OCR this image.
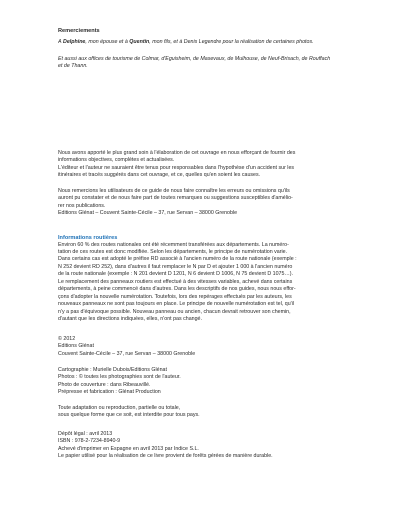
Remerciements

À Delphine, mon épouse et à Quentin, mon fils, et à Denis Legendre pour la réalisation de certaines photos.

Et aussi aux offices de tourisme de Colmar, d'Eguisheim, de Masevaux, de Mulhouse, de Neuf-Brisach, de Rouffach
et de Thann.

Nous avons apporté le plus grand soin à l'élaboration de cet ouvrage en nous efforçant de fournir des
informations objectives, complètes et actualisées.
L'éditeur et l'auteur ne sauraient être tenus pour responsables dans l'hypothèse d'un accident sur les
itinéraires et tracés suggérés dans cet ouvrage, et ce, quelles qu'en soient les causes.

Nous remercions les utilisateurs de ce guide de nous faire connaître les erreurs ou omissions qu'ils
auront pu constater et de nous faire part de toutes remarques ou suggestions susceptibles d'amélio-
rer nos publications.
Éditions Glénat – Couvent Sainte-Cécile – 37, rue Servan – 38000 Grenoble

Informations routières

Environ 60 % des routes nationales ont été récemment transférées aux départements. La numéro-
tation de ces routes est donc modifiée. Selon les départements, le principe de numérotation varie.
Dans certains cas est adopté le préfixe RD associé à l'ancien numéro de la route nationale (exemple :
N 252 devient RD 252), dans d'autres il faut remplacer le N par D et ajouter 1 000 à l'ancien numéro
de la route nationale (exemple : N 201 devient D 1201, N 6 devient D 1006, N 75 devient D 1075…).
Le remplacement des panneaux routiers est effectué à des vitesses variables, achevé dans certains
départements, à peine commencé dans d'autres. Dans les descriptifs de nos guides, nous nous effor-
çons d'adopter la nouvelle numérotation. Toutefois, lors des repérages effectués par les auteurs, les
nouveaux panneaux ne sont pas toujours en place. Le principe de nouvelle numérotation est tel, qu'il
n'y a pas d'équivoque possible. Nouveau panneau ou ancien, chacun devrait retrouver son chemin,
d'autant que les directions indiquées, elles, n'ont pas changé.

© 2012
Éditions Glénat
Couvent Sainte-Cécile – 37, rue Servan – 38000 Grenoble

Cartographie : Murielle Dubois/Éditions Glénat
Photos : © toutes les photographies sont de l'auteur.
Photo de couverture : dans Ribeauvillé.
Prépresse et fabrication : Glénat Production

Toute adaptation ou reproduction, partielle ou totale,
sous quelque forme que ce soit, est interdite pour tous pays.

Dépôt légal : avril 2013
ISBN : 978-2-7234-8940-9
Achevé d'imprimer en Espagne en avril 2013 par Indice S.L.
Le papier utilisé pour la réalisation de ce livre provient de forêts gérées de manière durable.
